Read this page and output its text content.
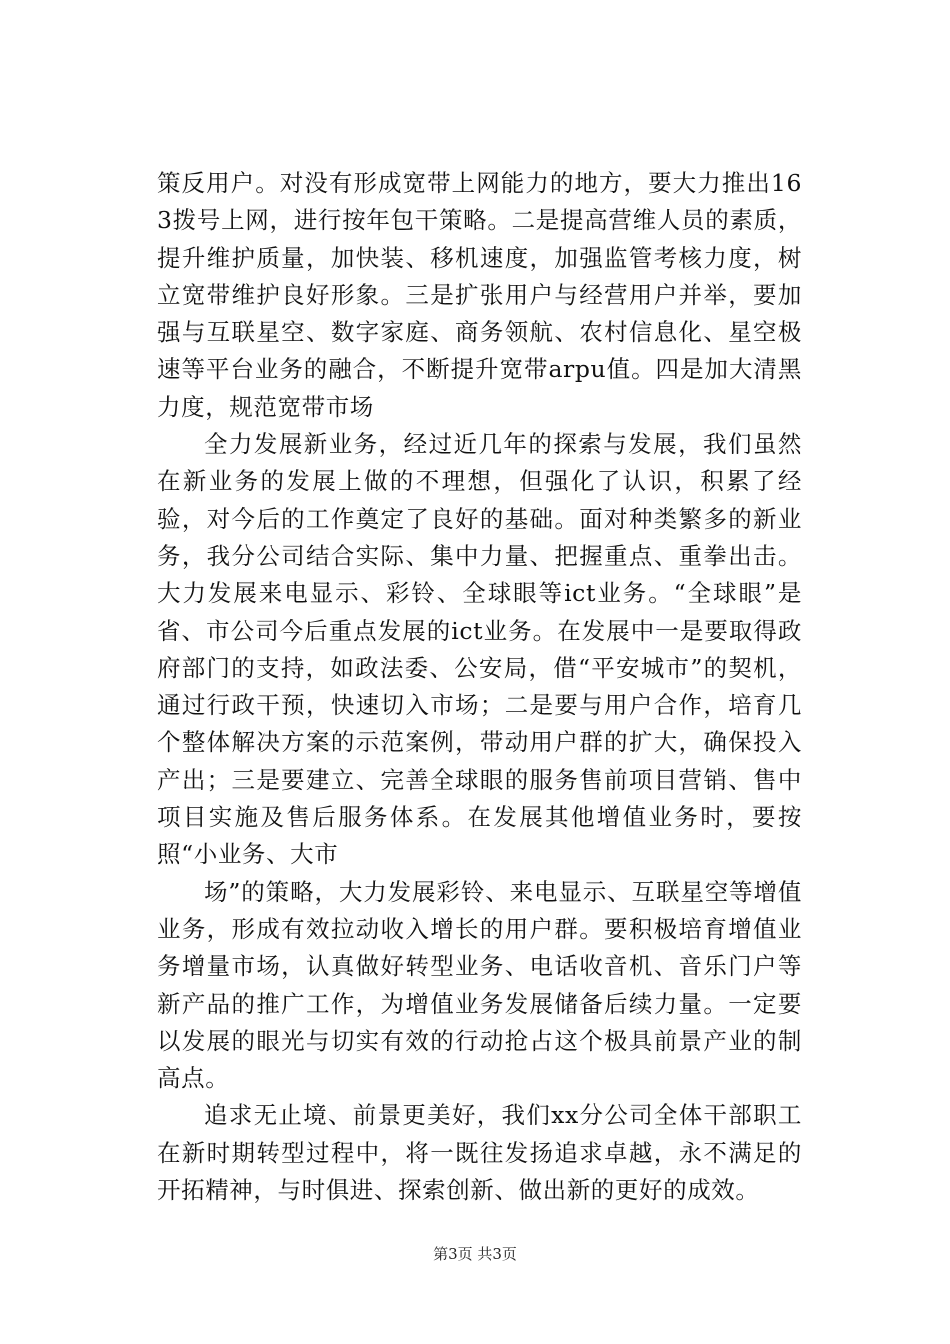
策反用户。对没有形成宽带上网能力的地方，要大力推出163拨号上网，进行按年包干策略。二是提高营维人员的素质，提升维护质量，加快装、移机速度，加强监管考核力度，树立宽带维护良好形象。三是扩张用户与经营用户并举，要加强与互联星空、数字家庭、商务领航、农村信息化、星空极速等平台业务的融合，不断提升宽带arpu值。四是加大清黑力度，规范宽带市场

全力发展新业务，经过近几年的探索与发展，我们虽然在新业务的发展上做的不理想，但强化了认识，积累了经验，对今后的工作奠定了良好的基础。面对种类繁多的新业务，我分公司结合实际、集中力量、把握重点、重拳出击。大力发展来电显示、彩铃、全球眼等ict业务。“全球眼”是省、市公司今后重点发展的ict业务。在发展中一是要取得政府部门的支持，如政法委、公安局，借“平安城市”的契机，通过行政干预，快速切入市场；二是要与用户合作，培育几个整体解决方案的示范案例，带动用户群的扩大，确保投入产出；三是要建立、完善全球眼的服务售前项目营销、售中项目实施及售后服务体系。在发展其他增值业务时，要按照“小业务、大市

场”的策略，大力发展彩铃、来电显示、互联星空等增值业务，形成有效拉动收入增长的用户群。要积极培育增值业务增量市场，认真做好转型业务、电话收音机、音乐门户等新产品的推广工作，为增值业务发展储备后续力量。一定要以发展的眼光与切实有效的行动抢占这个极具前景产业的制高点。

追求无止境、前景更美好，我们xx分公司全体干部职工在新时期转型过程中，将一既往发扬追求卓越，永不满足的开拓精神，与时俱进、探索创新、做出新的更好的成效。

第3页 共3页
